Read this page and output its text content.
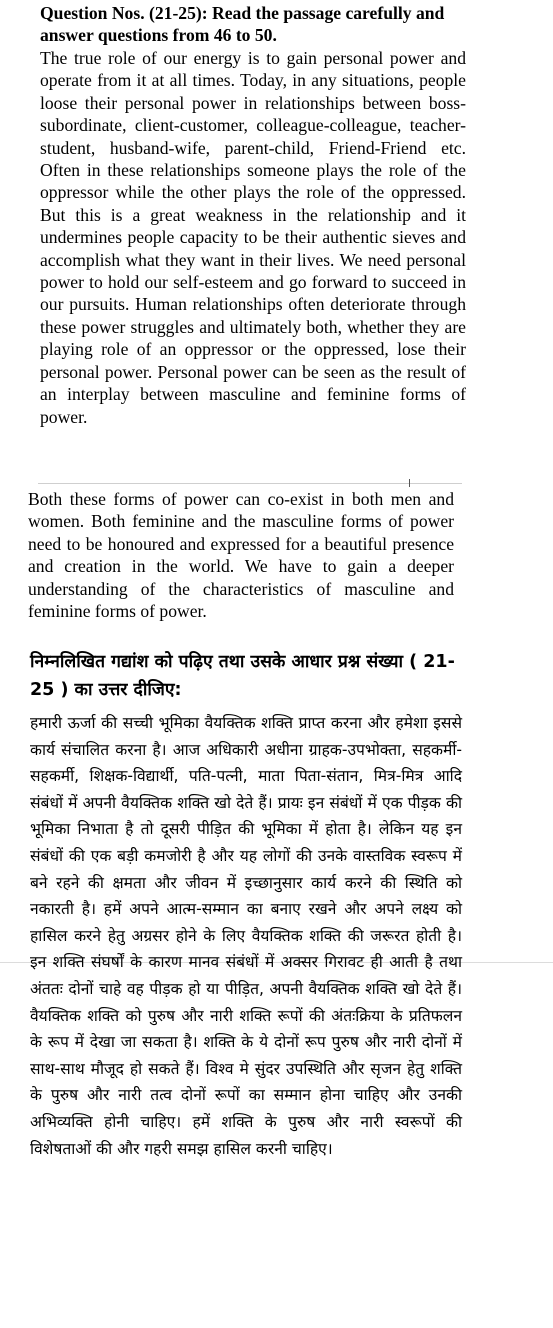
Question Nos. (21-25): Read the passage carefully and answer questions from 46 to 50.

The true role of our energy is to gain personal power and operate from it at all times. Today, in any situations, people loose their personal power in relationships between boss-subordinate, client-customer, colleague-colleague, teacher-student, husband-wife, parent-child, Friend-Friend etc. Often in these relationships someone plays the role of the oppressor while the other plays the role of the oppressed. But this is a great weakness in the relationship and it undermines people capacity to be their authentic sieves and accomplish what they want in their lives. We need personal power to hold our self-esteem and go forward to succeed in our pursuits. Human relationships often deteriorate through these power struggles and ultimately both, whether they are playing role of an oppressor or the oppressed, lose their personal power. Personal power can be seen as the result of an interplay between masculine and feminine forms of power.

Both these forms of power can co-exist in both men and women. Both feminine and the masculine forms of power need to be honoured and expressed for a beautiful presence and creation in the world. We have to gain a deeper understanding of the characteristics of masculine and feminine forms of power.

निम्नलिखित गद्यांश को पढ़िए तथा उसके आधार प्रश्न संख्या ( 21-25 ) का उत्तर दीजिए:

हमारी ऊर्जा की सच्ची भूमिका वैयक्तिक शक्ति प्राप्त करना और हमेशा इससे कार्य संचालित करना है। आज अधिकारी अधीना ग्राहक-उपभोक्ता, सहकर्मी-सहकर्मी, शिक्षक-विद्यार्थी, पति-पत्नी, माता पिता-संतान, मित्र-मित्र आदि संबंधों में अपनी वैयक्तिक शक्ति खो देते हैं। प्रायः इन संबंधों में एक पीड़क की भूमिका निभाता है तो दूसरी पीड़ित की भूमिका में होता है। लेकिन यह इन संबंधों की एक बड़ी कमजोरी है और यह लोगों की उनके वास्तविक स्वरूप में बने रहने की क्षमता और जीवन में इच्छानुसार कार्य करने की स्थिति को नकारती है। हमें अपने आत्म-सम्मान का बनाए रखने और अपने लक्ष्य को हासिल करने हेतु अग्रसर होने के लिए वैयक्तिक शक्ति की जरूरत होती है। इन शक्ति संघर्षों के कारण मानव संबंधों में अक्सर गिरावट ही आती है तथा अंततः दोनों चाहे वह पीड़क हो या पीड़ित, अपनी वैयक्तिक शक्ति खो देते हैं। वैयक्तिक शक्ति को पुरुष और नारी शक्ति रूपों की अंतःक्रिया के प्रतिफलन के रूप में देखा जा सकता है। शक्ति के ये दोनों रूप पुरुष और नारी दोनों में साथ-साथ मौजूद हो सकते हैं। विश्व मे सुंदर उपस्थिति और सृजन हेतु शक्ति के पुरुष और नारी तत्व दोनों रूपों का सम्मान होना चाहिए और उनकी अभिव्यक्ति होनी चाहिए। हमें शक्ति के पुरुष और नारी स्वरूपों की विशेषताओं की और गहरी समझ हासिल करनी चाहिए।
